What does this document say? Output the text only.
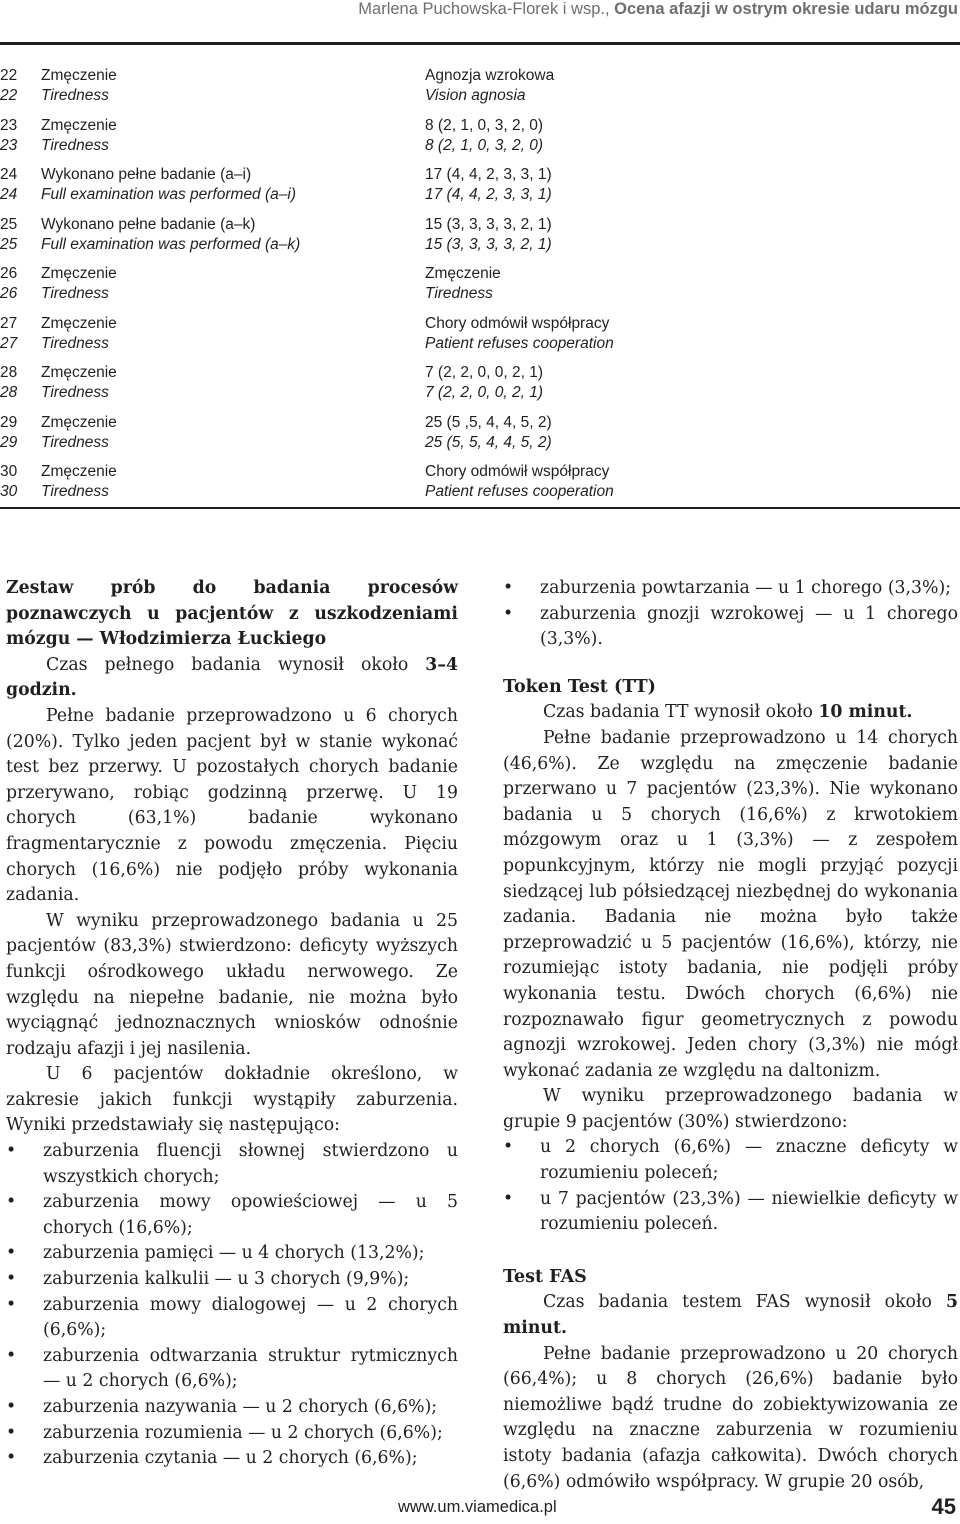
Marlena Puchowska-Florek i wsp., Ocena afazji w ostrym okresie udaru mózgu
22 Zmęczenie	Agnozja wzrokowa
22 Tiredness	Vision agnosia
23 Zmęczenie	8 (2, 1, 0, 3, 2, 0)
23 Tiredness	8 (2, 1, 0, 3, 2, 0)
24 Wykonano pełne badanie (a–i)	17 (4, 4, 2, 3, 3, 1)
24 Full examination was performed (a–i)	17 (4, 4, 2, 3, 3, 1)
25 Wykonano pełne badanie (a–k)	15 (3, 3, 3, 3, 2, 1)
25 Full examination was performed (a–k)	15 (3, 3, 3, 3, 2, 1)
26 Zmęczenie	Zmęczenie
26 Tiredness	Tiredness
27 Zmęczenie	Chory odmówił współpracy
27 Tiredness	Patient refuses cooperation
28 Zmęczenie	7 (2, 2, 0, 0, 2, 1)
28 Tiredness	7 (2, 2, 0, 0, 2, 1)
29 Zmęczenie	25 (5 ,5, 4, 4, 5, 2)
29 Tiredness	25 (5, 5, 4, 4, 5, 2)
30 Zmęczenie	Chory odmówił współpracy
30 Tiredness	Patient refuses cooperation

Zestaw prób do badania procesów poznawczych u pacjentów z uszkodzeniami mózgu — Włodzimierza Łuckiego

Czas pełnego badania wynosił około 3–4 godzin.

Pełne badanie przeprowadzono u 6 chorych (20%). Tylko jeden pacjent był w stanie wykonać test bez przerwy. U pozostałych chorych badanie przerywano, robiąc godzinną przerwę. U 19 chorych (63,1%) badanie wykonano fragmentarycznie z powodu zmęczenia. Pięciu chorych (16,6%) nie podjęło próby wykonania zadania.

W wyniku przeprowadzonego badania u 25 pacjentów (83,3%) stwierdzono: deficyty wyższych funkcji ośrodkowego układu nerwowego. Ze względu na niepełne badanie, nie można było wyciągnąć jednoznacznych wniosków odnośnie rodzaju afazji i jej nasilenia.

U 6 pacjentów dokładnie określono, w zakresie jakich funkcji wystąpiły zaburzenia. Wyniki przedstawiały się następująco:

• zaburzenia fluencji słownej stwierdzono u wszystkich chorych;
• zaburzenia mowy opowieściowej — u 5 chorych (16,6%);
• zaburzenia pamięci — u 4 chorych (13,2%);
• zaburzenia kalkulii — u 3 chorych (9,9%);
• zaburzenia mowy dialogowej — u 2 chorych (6,6%);
• zaburzenia odtwarzania struktur rytmicznych — u 2 chorych (6,6%);
• zaburzenia nazywania — u 2 chorych (6,6%);
• zaburzenia rozumienia — u 2 chorych (6,6%);
• zaburzenia czytania — u 2 chorych (6,6%);
• zaburzenia powtarzania — u 1 chorego (3,3%);
• zaburzenia gnozji wzrokowej — u 1 chorego (3,3%).
Token Test (TT)

Czas badania TT wynosił około 10 minut.

Pełne badanie przeprowadzono u 14 chorych (46,6%). Ze względu na zmęczenie badanie przerwano u 7 pacjentów (23,3%). Nie wykonano badania u 5 chorych (16,6%) z krwotokiem mózgowym oraz u 1 (3,3%) — z zespołem popunkcyjnym, którzy nie mogli przyjąć pozycji siedzącej lub półsiedzącej niezbędnej do wykonania zadania. Badania nie można było także przeprowadzić u 5 pacjentów (16,6%), którzy, nie rozumiejąc istoty badania, nie podjęli próby wykonania testu. Dwóch chorych (6,6%) nie rozpoznawało figur geometrycznych z powodu agnozji wzrokowej. Jeden chory (3,3%) nie mógł wykonać zadania ze względu na daltonizm.

W wyniku przeprowadzonego badania w grupie 9 pacjentów (30%) stwierdzono:

• u 2 chorych (6,6%) — znaczne deficyty w rozumieniu poleceń;
• u 7 pacjentów (23,3%) — niewielkie deficyty w rozumieniu poleceń.
Test FAS

Czas badania testem FAS wynosił około 5 minut.

Pełne badanie przeprowadzono u 20 chorych (66,4%); u 8 chorych (26,6%) badanie było niemożliwe bądź trudne do zobiektywizowania ze względu na znaczne zaburzenia w rozumieniu istoty badania (afazja całkowita). Dwóch chorych (6,6%) odmówiło współpracy. W grupie 20 osób,

www.um.viamedica.pl	45
